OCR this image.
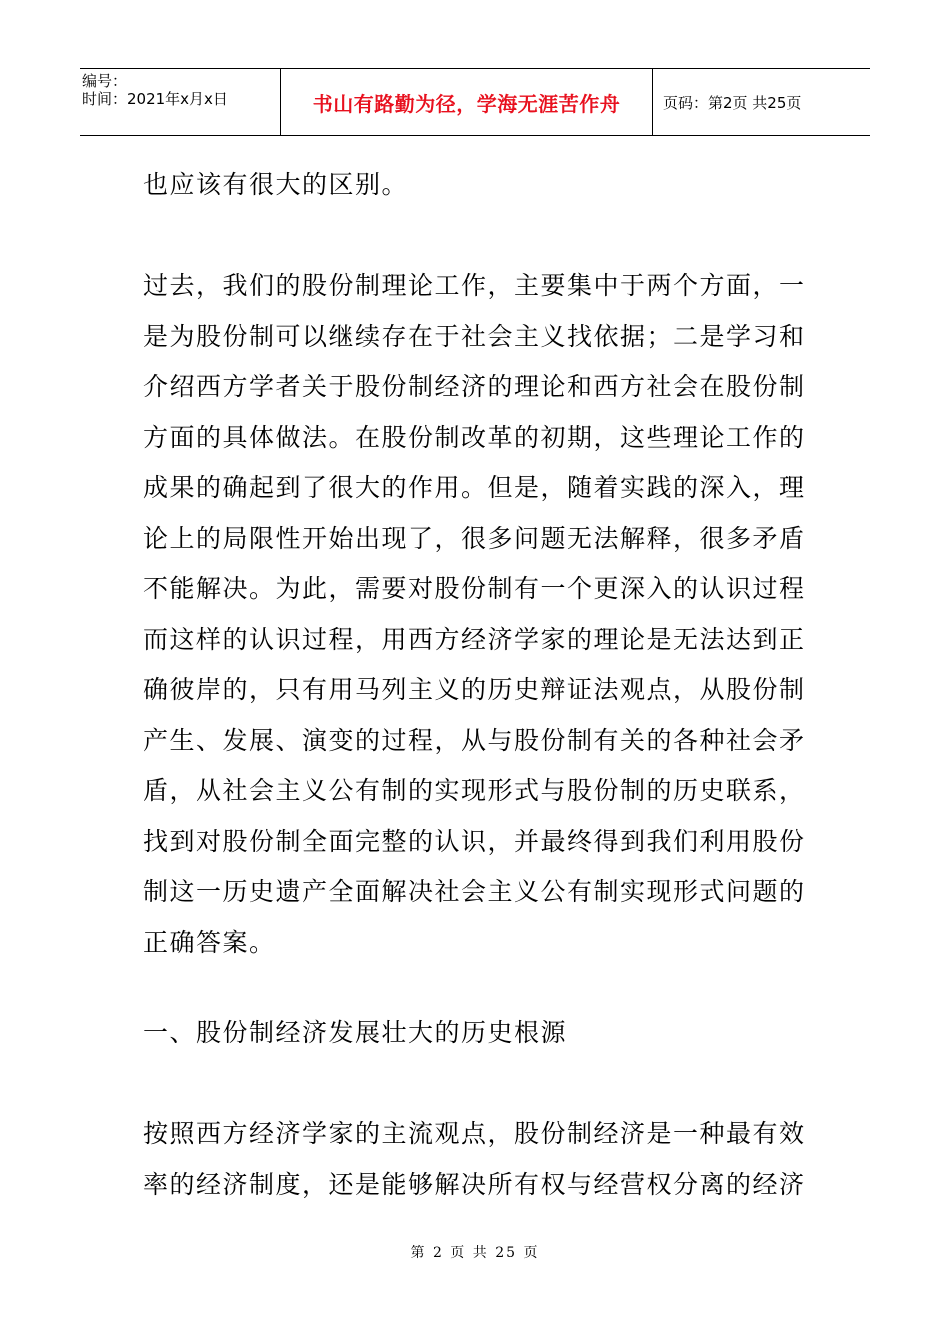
编号：
时间：2021年x月x日	书山有路勤为径，学海无涯苦作舟	页码：第2页 共25页
也应该有很大的区别。
过去，我们的股份制理论工作，主要集中于两个方面，一
是为股份制可以继续存在于社会主义找依据；二是学习和
介绍西方学者关于股份制经济的理论和西方社会在股份制
方面的具体做法。在股份制改革的初期，这些理论工作的
成果的确起到了很大的作用。但是，随着实践的深入，理
论上的局限性开始出现了，很多问题无法解释，很多矛盾
不能解决。为此，需要对股份制有一个更深入的认识过程
而这样的认识过程，用西方经济学家的理论是无法达到正
确彼岸的，只有用马列主义的历史辩证法观点，从股份制
产生、发展、演变的过程，从与股份制有关的各种社会矛
盾，从社会主义公有制的实现形式与股份制的历史联系，
找到对股份制全面完整的认识，并最终得到我们利用股份
制这一历史遗产全面解决社会主义公有制实现形式问题的
正确答案。
一、股份制经济发展壮大的历史根源
按照西方经济学家的主流观点，股份制经济是一种最有效
率的经济制度，还是能够解决所有权与经营权分离的经济
第 2 页 共 25 页
